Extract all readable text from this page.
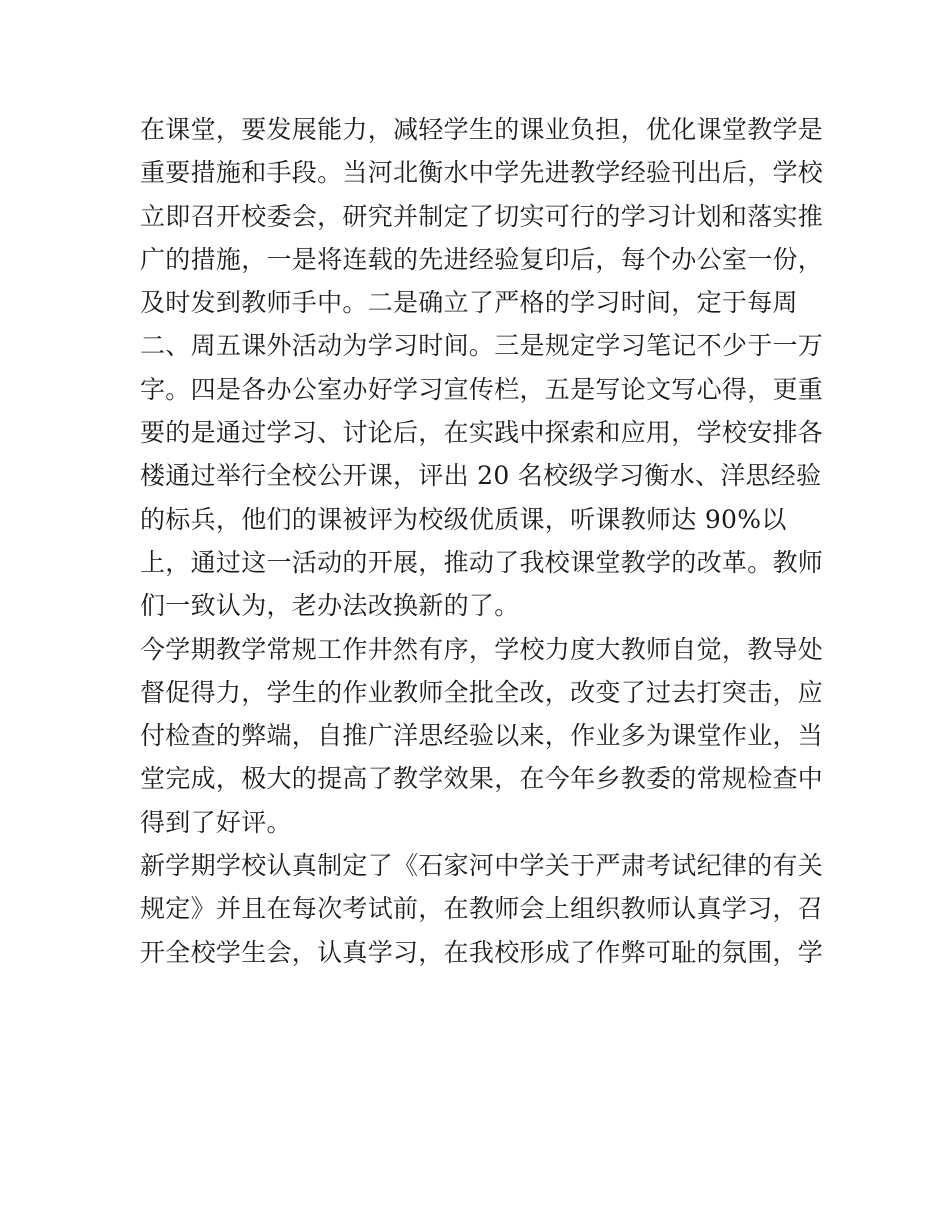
在课堂，要发展能力，减轻学生的课业负担，优化课堂教学是
重要措施和手段。当河北衡水中学先进教学经验刊出后，学校
立即召开校委会，研究并制定了切实可行的学习计划和落实推
广的措施，一是将连载的先进经验复印后，每个办公室一份，
及时发到教师手中。二是确立了严格的学习时间，定于每周
二、周五课外活动为学习时间。三是规定学习笔记不少于一万
字。四是各办公室办好学习宣传栏，五是写论文写心得，更重
要的是通过学习、讨论后，在实践中探索和应用，学校安排各
楼通过举行全校公开课，评出 20 名校级学习衡水、洋思经验
的标兵，他们的课被评为校级优质课，听课教师达 90%以
上，通过这一活动的开展，推动了我校课堂教学的改革。教师
们一致认为，老办法改换新的了。
今学期教学常规工作井然有序，学校力度大教师自觉，教导处
督促得力，学生的作业教师全批全改，改变了过去打突击，应
付检查的弊端，自推广洋思经验以来，作业多为课堂作业，当
堂完成，极大的提高了教学效果，在今年乡教委的常规检查中
得到了好评。
新学期学校认真制定了《石家河中学关于严肃考试纪律的有关
规定》并且在每次考试前，在教师会上组织教师认真学习，召
开全校学生会，认真学习，在我校形成了作弊可耻的氛围，学
